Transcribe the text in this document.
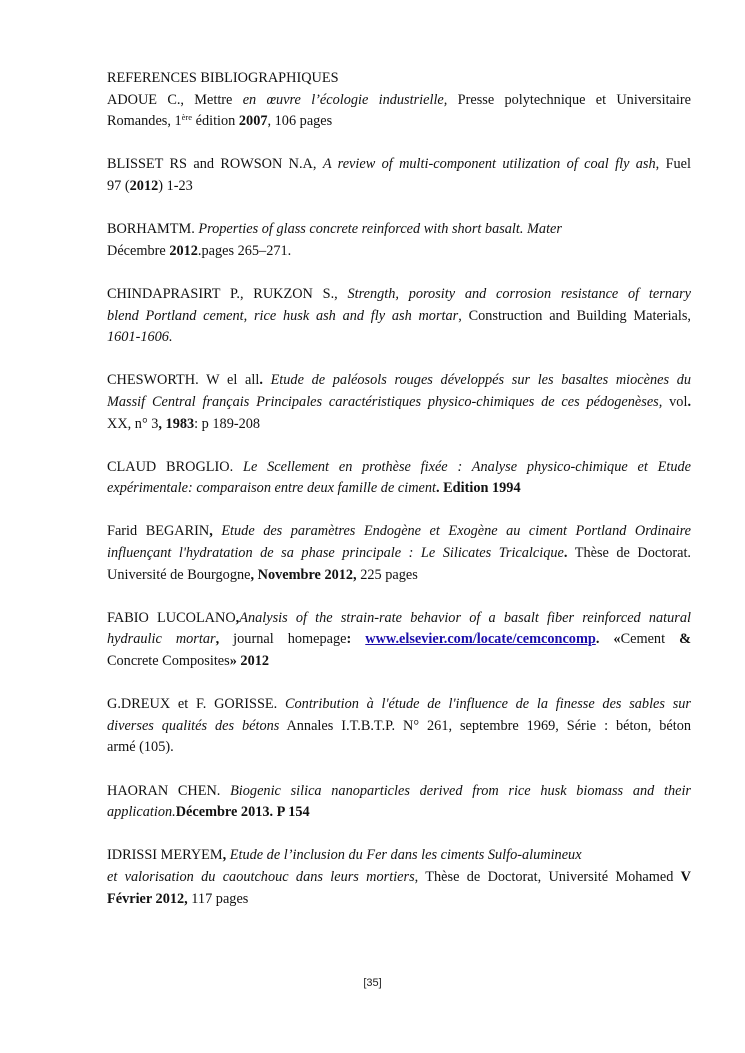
REFERENCES BIBLIOGRAPHIQUES
ADOUE C., Mettre en œuvre l’écologie industrielle, Presse polytechnique et Universitaire
Romandes, 1ère édition 2007, 106 pages
BLISSET RS and ROWSON N.A, A review of multi-component utilization of coal fly ash, Fuel
97 (2012) 1-23
BORHAMTM. Properties of glass concrete reinforced with short basalt. Mater
Décembre 2012.pages 265–271.
CHINDAPRASIRT P., RUKZON S., Strength, porosity and corrosion resistance of ternary
blend Portland cement, rice husk ash and fly ash mortar, Construction and Building Materials,
1601-1606.
CHESWORTH. W el all. Etude de paléosols rouges développés sur les basaltes miocènes du
Massif Central français Principales caractéristiques physico-chimiques de ces pédogenèses, vol.
XX, n° 3, 1983: p 189-208
CLAUD BROGLIO. Le Scellement en prothèse fixée : Analyse physico-chimique et Etude
expérimentale: comparaison entre deux famille de ciment. Edition 1994
Farid BEGARIN, Etude des paramètres Endogène et Exogène au ciment Portland Ordinaire
influençant l'hydratation de sa phase principale : Le Silicates Tricalcique. Thèse de Doctorat.
Université de Bourgogne, Novembre 2012, 225 pages
FABIO LUCOLANO,Analysis of the strain-rate behavior of a basalt fiber reinforced natural
hydraulic mortar, journal homepage: www.elsevier.com/locate/cemconcomp. «Cement &
Concrete Composites» 2012
G.DREUX et F. GORISSE. Contribution à l'étude de l'influence de la finesse des sables sur
diverses qualités des bétons Annales I.T.B.T.P. N° 261, septembre 1969, Série : béton, béton
armé (105).
HAORAN CHEN. Biogenic silica nanoparticles derived from rice husk biomass and their
application.Décembre 2013. P 154
IDRISSI MERYEM, Etude de l’inclusion du Fer dans les ciments Sulfo-alumineux
et valorisation du caoutchouc dans leurs mortiers, Thèse de Doctorat, Université Mohamed V
Février 2012, 117 pages
[35]
